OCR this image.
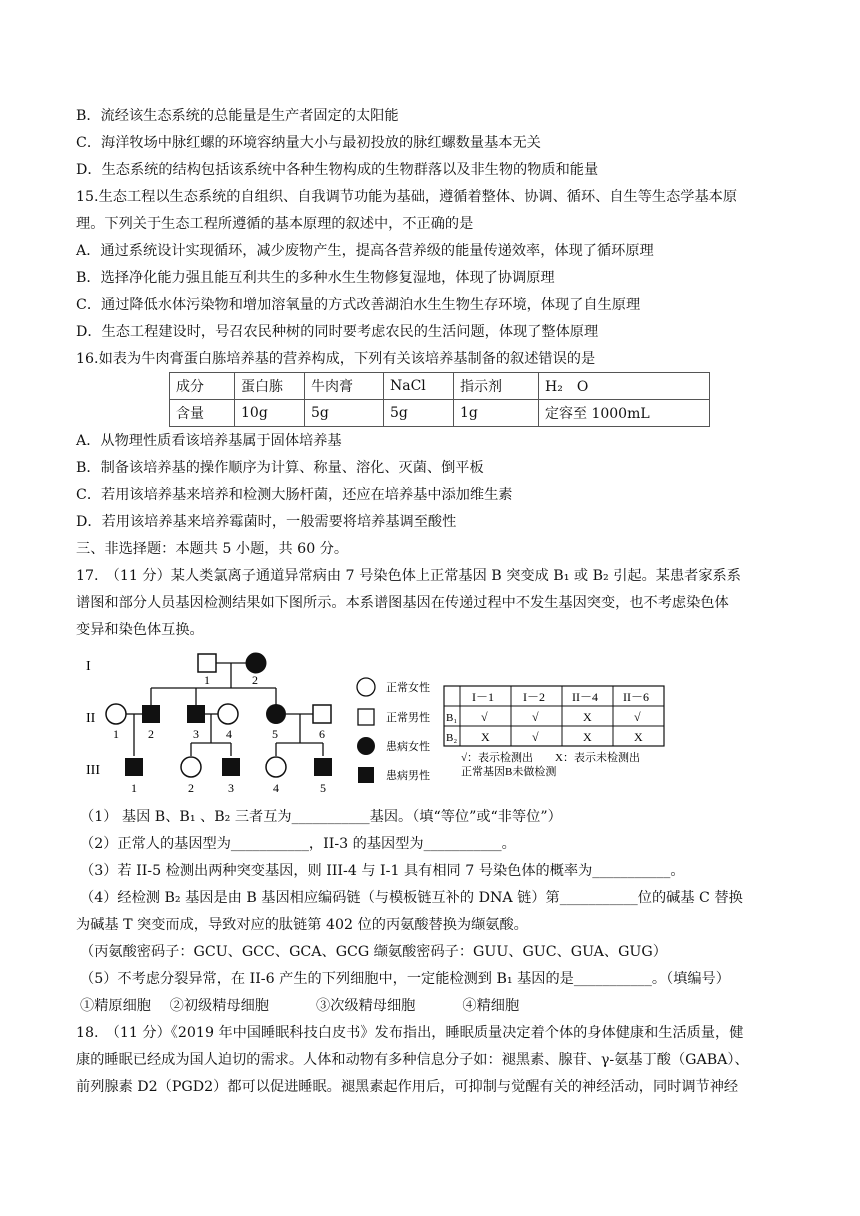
B．流经该生态系统的总能量是生产者固定的太阳能
C．海洋牧场中脉红螺的环境容纳量大小与最初投放的脉红螺数量基本无关
D．生态系统的结构包括该系统中各种生物构成的生物群落以及非生物的物质和能量
15.生态工程以生态系统的自组织、自我调节功能为基础，遵循着整体、协调、循环、自生等生态学基本原
理。下列关于生态工程所遵循的基本原理的叙述中，不正确的是
A．通过系统设计实现循环，减少废物产生，提高各营养级的能量传递效率，体现了循环原理
B．选择净化能力强且能互利共生的多种水生生物修复湿地，体现了协调原理
C．通过降低水体污染物和增加溶氧量的方式改善湖泊水生生物生存环境，体现了自生原理
D．生态工程建设时，号召农民种树的同时要考虑农民的生活问题，体现了整体原理
16.如表为牛肉膏蛋白胨培养基的营养构成，下列有关该培养基制备的叙述错误的是
成分	蛋白胨	牛肉膏	NaCl	指示剂	H₂　O
含量	10g	5g	5g	1g	定容至 1000mL
A．从物理性质看该培养基属于固体培养基
B．制备该培养基的操作顺序为计算、称量、溶化、灭菌、倒平板
C．若用该培养基来培养和检测大肠杆菌，还应在培养基中添加维生素
D．若用该培养基来培养霉菌时，一般需要将培养基调至酸性
三、非选择题：本题共 5 小题，共 60 分。
17.　（11 分）某人类氯离子通道异常病由 7 号染色体上正常基因 B 突变成 B₁ 或 B₂ 引起。某患者家系系
谱图和部分人员基因检测结果如下图所示。本系谱图基因在传递过程中不发生基因突变，也不考虑染色体
变异和染色体互换。
I
II
III
1	2
1 2	3 4	5	6
1	2	3	4	5
正常女性
正常男性
患病女性
患病男性
I－1 I－2 II－4 II－6
B₁ √	√	X	√
B₂ X	√	X	X
√：表示检测出　　X：表示未检测出
正常基因B未做检测
（1） 基因 B、B₁ 、B₂ 三者互为___________基因。（填“等位”或“非等位”）
（2）正常人的基因型为___________，II-3 的基因型为___________。
（3）若 II-5 检测出两种突变基因，则 III-4 与 I-1 具有相同 7 号染色体的概率为___________。
（4）经检测 B₂ 基因是由 B 基因相应编码链（与模板链互补的 DNA 链）第___________位的碱基 C 替换
为碱基 T 突变而成，导致对应的肽链第 402 位的丙氨酸替换为缬氨酸。
（丙氨酸密码子：GCU、GCC、GCA、GCG 缬氨酸密码子：GUU、GUC、GUA、GUG）
（5）不考虑分裂异常，在 II-6 产生的下列细胞中，一定能检测到 B₁ 基因的是___________。（填编号）
①精原细胞　 ②初级精母细胞　　　 ③次级精母细胞　　　 ④精细胞
18.　（11 分）《2019 年中国睡眠科技白皮书》发布指出，睡眠质量决定着个体的身体健康和生活质量，健
康的睡眠已经成为国人迫切的需求。人体和动物有多种信息分子如：褪黑素、腺苷、γ-氨基丁酸（GABA）、
前列腺素 D2（PGD2）都可以促进睡眠。褪黑素起作用后，可抑制与觉醒有关的神经活动，同时调节神经
